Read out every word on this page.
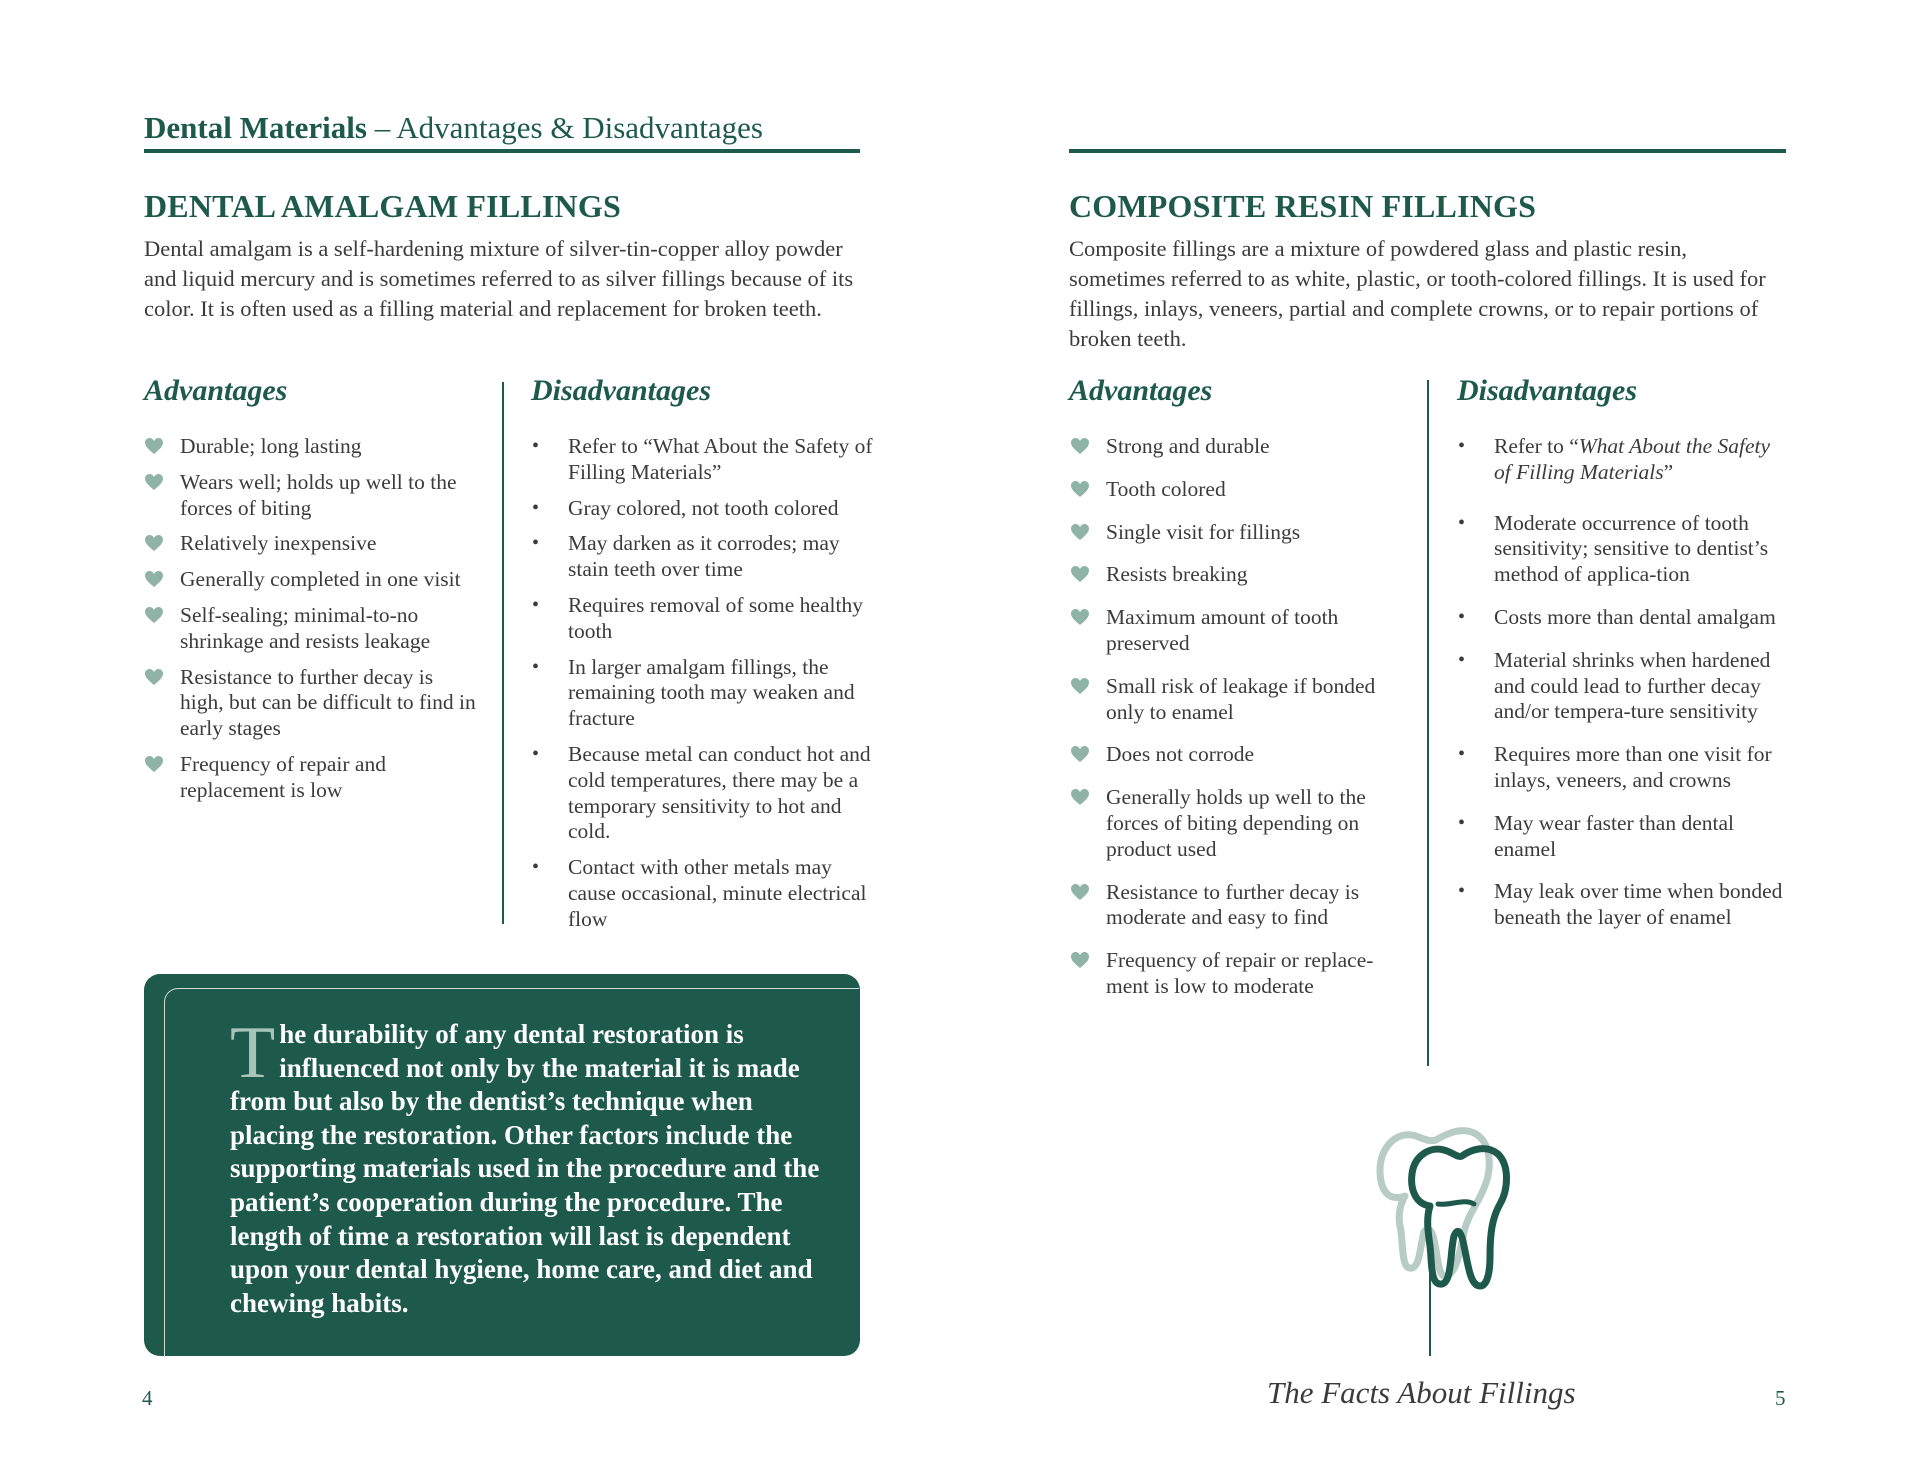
Dental Materials – Advantages & Disadvantages
DENTAL AMALGAM FILLINGS
Dental amalgam is a self-hardening mixture of silver-tin-copper alloy powder and liquid mercury and is sometimes referred to as silver fillings because of its color. It is often used as a filling material and replacement for broken teeth.
Advantages	Disadvantages
Durable; long lasting
Wears well; holds up well to the forces of biting
Relatively inexpensive
Generally completed in one visit
Self-sealing; minimal-to-no shrinkage and resists leakage
Resistance to further decay is high, but can be difficult to find in early stages
Frequency of repair and replacement is low
• Refer to “What About the Safety of Filling Materials”
• Gray colored, not tooth colored
• May darken as it corrodes; may stain teeth over time
• Requires removal of some healthy tooth
• In larger amalgam fillings, the remaining tooth may weaken and fracture
• Because metal can conduct hot and cold temperatures, there may be a temporary sensitivity to hot and cold.
• Contact with other metals may cause occasional, minute electrical flow
The durability of any dental restoration is influenced not only by the material it is made from but also by the dentist’s technique when placing the restoration. Other factors include the supporting materials used in the procedure and the patient’s cooperation during the procedure. The length of time a restoration will last is dependent upon your dental hygiene, home care, and diet and chewing habits.
4
COMPOSITE RESIN FILLINGS
Composite fillings are a mixture of powdered glass and plastic resin, sometimes referred to as white, plastic, or tooth-colored fillings. It is used for fillings, inlays, veneers, partial and complete crowns, or to repair portions of broken teeth.
Advantages	Disadvantages
Strong and durable
Tooth colored
Single visit for fillings
Resists breaking
Maximum amount of tooth preserved
Small risk of leakage if bonded only to enamel
Does not corrode
Generally holds up well to the forces of biting depending on product used
Resistance to further decay is moderate and easy to find
Frequency of repair or replace-ment is low to moderate
• Refer to “What About the Safety of Filling Materials”
• Moderate occurrence of tooth sensitivity; sensitive to dentist’s method of applica-tion
• Costs more than dental amalgam
• Material shrinks when hardened and could lead to further decay and/or tempera-ture sensitivity
• Requires more than one visit for inlays, veneers, and crowns
• May wear faster than dental enamel
• May leak over time when bonded beneath the layer of enamel
The Facts About Fillings	5
